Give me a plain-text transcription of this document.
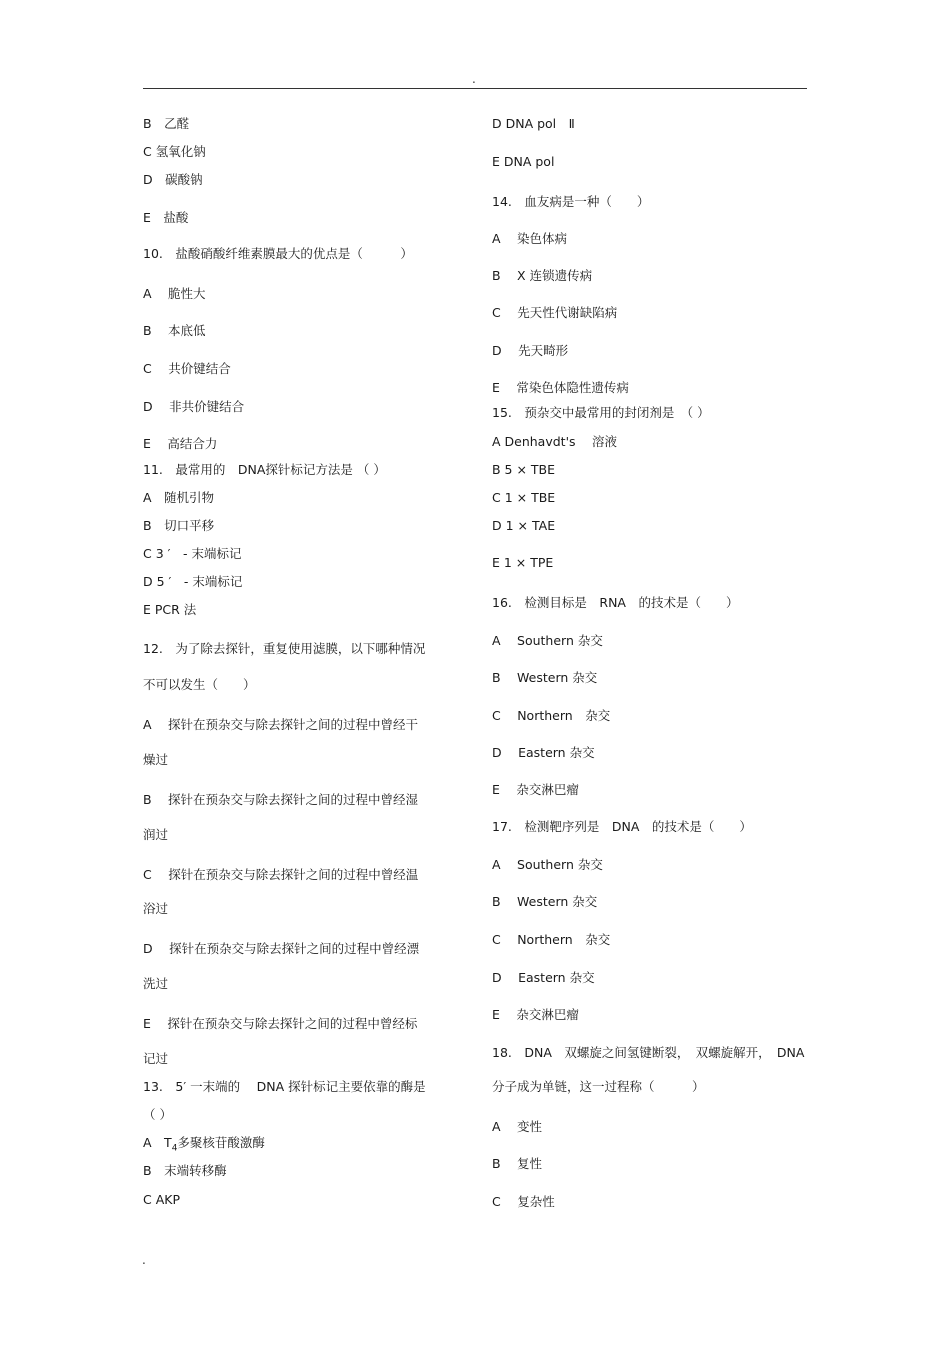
.
B　乙醛
C 氢氧化钠
D　碳酸钠
E　盐酸
10.　盐酸硝酸纤维素膜最大的优点是（　　　）
A　 脆性大
B　 本底低
C　 共价键结合
D　 非共价键结合
E　 高结合力
11.　最常用的　DNA探针标记方法是 （ ）
A　随机引物
B　切口平移
C 3 ′　- 末端标记
D 5 ′　- 末端标记
E PCR 法
12.　为了除去探针，重复使用滤膜，以下哪种情况
不可以发生（　　）
A　 探针在预杂交与除去探针之间的过程中曾经干
燥过
B　 探针在预杂交与除去探针之间的过程中曾经湿
润过
C　 探针在预杂交与除去探针之间的过程中曾经温
浴过
D　 探针在预杂交与除去探针之间的过程中曾经漂
洗过
E　 探针在预杂交与除去探针之间的过程中曾经标
记过
13.　5′ 一末端的　 DNA 探针标记主要依靠的酶是
（ ）
A　$T_4$多聚核苷酸激酶
B　末端转移酶
C AKP
D DNA pol　Ⅱ
E DNA pol
14.　血友病是一种（　　）
A　 染色体病
B　 X 连锁遗传病
C　 先天性代谢缺陷病
D　 先天畸形
E　 常染色体隐性遗传病
15.　预杂交中最常用的封闭剂是　（ ）
A Denhavdt's　 溶液
B 5 × TBE
C 1 × TBE
D 1 × TAE
E 1 × TPE
16.　检测目标是　RNA　的技术是（　　）
A　 Southern 杂交
B　 Western 杂交
C　 Northern　杂交
D　 Eastern 杂交
E　 杂交淋巴瘤
17.　检测靶序列是　DNA　的技术是（　　）
A　 Southern 杂交
B　 Western 杂交
C　 Northern　杂交
D　 Eastern 杂交
E　 杂交淋巴瘤
18.　DNA　双螺旋之间氢键断裂，　双螺旋解开，　DNA
分子成为单链，这一过程称（　　　）
A　 变性
B　 复性
C　 复杂性
.
